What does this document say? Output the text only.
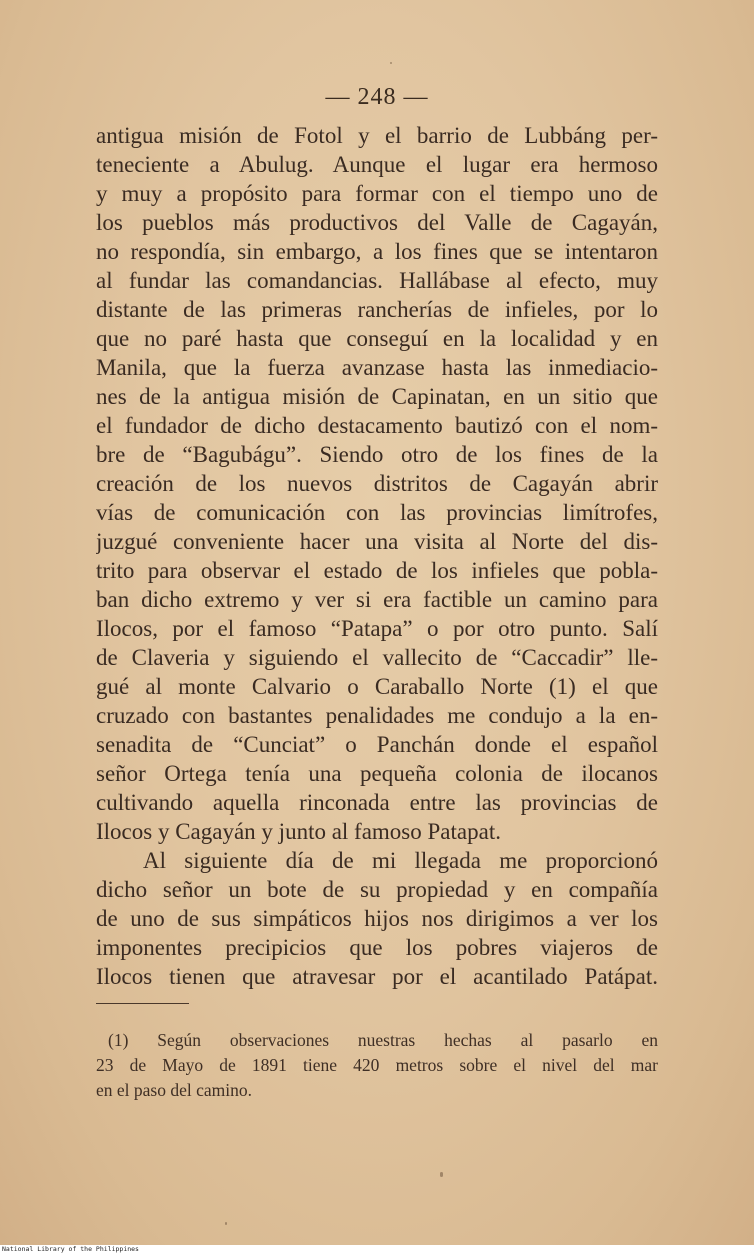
— 248 —
antigua misión de Fotol y el barrio de Lubbáng per-
teneciente a Abulug. Aunque el lugar era hermoso
y muy a propósito para formar con el tiempo uno de
los pueblos más productivos del Valle de Cagayán,
no respondía, sin embargo, a los fines que se intentaron
al fundar las comandancias. Hallábase al efecto, muy
distante de las primeras rancherías de infieles, por lo
que no paré hasta que conseguí en la localidad y en
Manila, que la fuerza avanzase hasta las inmediacio-
nes de la antigua misión de Capinatan, en un sitio que
el fundador de dicho destacamento bautizó con el nom-
bre de “Bagubágu”. Siendo otro de los fines de la
creación de los nuevos distritos de Cagayán abrir
vías de comunicación con las provincias limítrofes,
juzgué conveniente hacer una visita al Norte del dis-
trito para observar el estado de los infieles que pobla-
ban dicho extremo y ver si era factible un camino para
Ilocos, por el famoso “Patapa” o por otro punto. Salí
de Claveria y siguiendo el vallecito de “Caccadir” lle-
gué al monte Calvario o Caraballo Norte (1) el que
cruzado con bastantes penalidades me condujo a la en-
senadita de “Cunciat” o Panchán donde el español
señor Ortega tenía una pequeña colonia de ilocanos
cultivando aquella rinconada entre las provincias de
Ilocos y Cagayán y junto al famoso Patapat.
Al siguiente día de mi llegada me proporcionó
dicho señor un bote de su propiedad y en compañía
de uno de sus simpáticos hijos nos dirigimos a ver los
imponentes precipicios que los pobres viajeros de
Ilocos tienen que atravesar por el acantilado Patápat.
(1) Según observaciones nuestras hechas al pasarlo en
23 de Mayo de 1891 tiene 420 metros sobre el nivel del mar
en el paso del camino.
National Library of the Philippines
